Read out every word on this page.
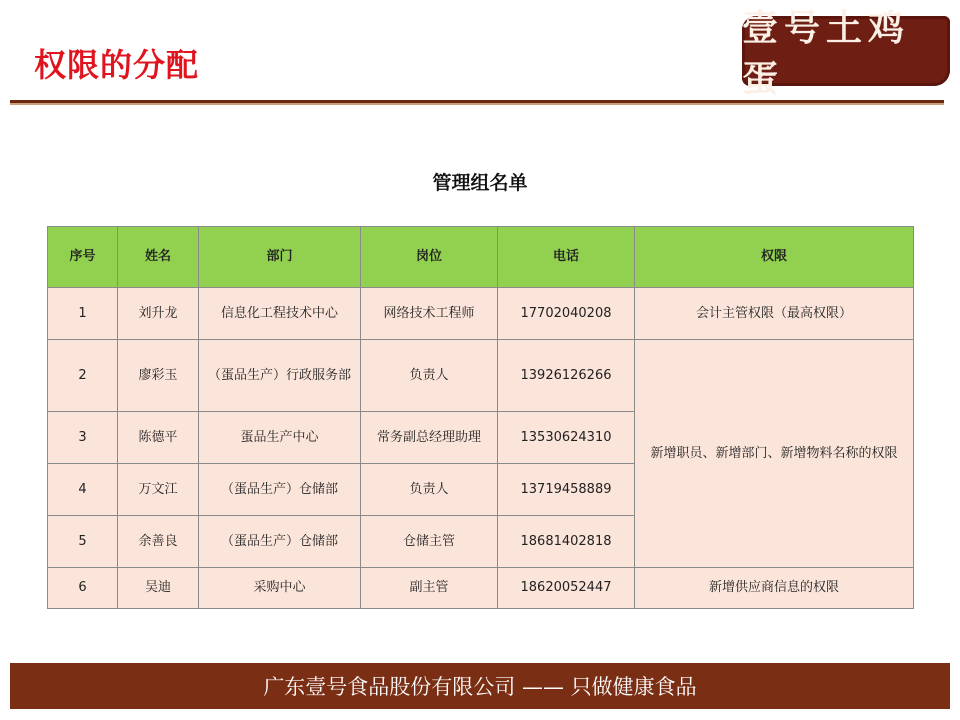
权限的分配
壹号土鸡蛋
管理组名单
序号	姓名	部门	岗位	电话	权限
1	刘升龙	信息化工程技术中心	网络技术工程师	17702040208	会计主管权限（最高权限）
2	廖彩玉	（蛋品生产）行政服务部	负责人	13926126266	新增职员、新增部门、新增物料名称的权限
3	陈德平	蛋品生产中心	常务副总经理助理	13530624310	
4	万文江	（蛋品生产）仓储部	负责人	13719458889	
5	余善良	（蛋品生产）仓储部	仓储主管	18681402818	
6	吴迪	采购中心	副主管	18620052447	新增供应商信息的权限
广东壹号食品股份有限公司 —— 只做健康食品
